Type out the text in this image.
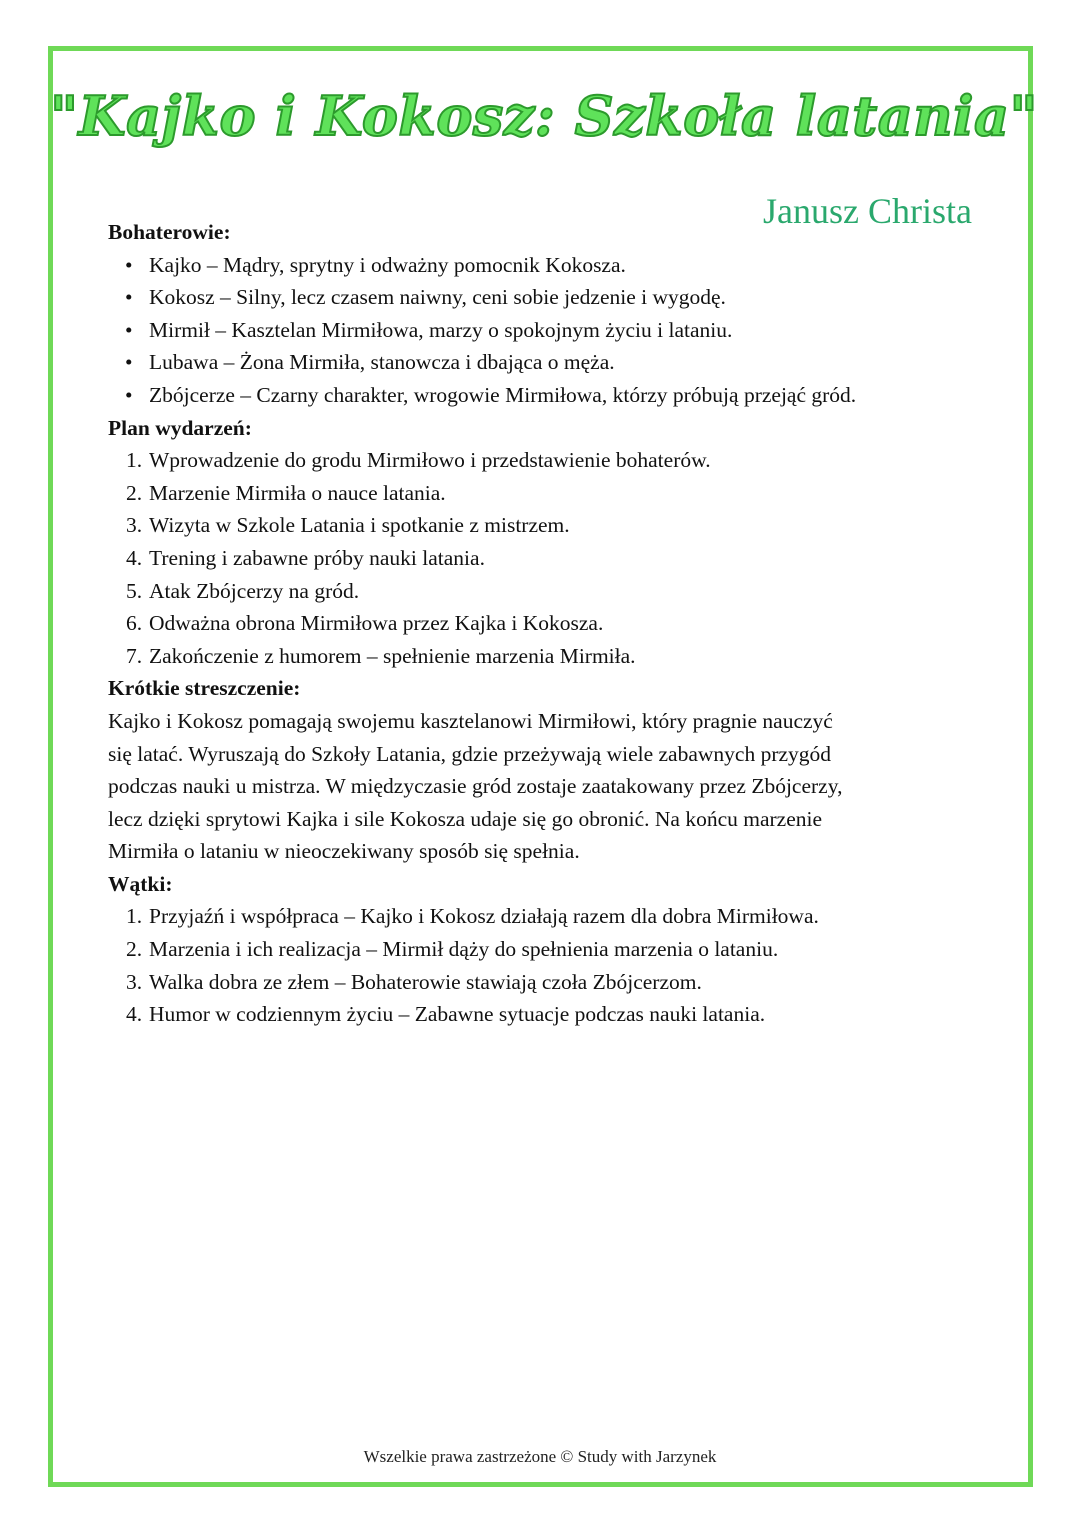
"Kajko i Kokosz: Szkoła latania"
Janusz Christa

Bohaterowie:

• Kajko – Mądry, sprytny i odważny pomocnik Kokosza.
• Kokosz – Silny, lecz czasem naiwny, ceni sobie jedzenie i wygodę.
• Mirmił – Kasztelan Mirmiłowa, marzy o spokojnym życiu i lataniu.
• Lubawa – Żona Mirmiła, stanowcza i dbająca o męża.
• Zbójcerze – Czarny charakter, wrogowie Mirmiłowa, którzy próbują przejąć gród.

Plan wydarzeń:

1. Wprowadzenie do grodu Mirmiłowo i przedstawienie bohaterów.
2. Marzenie Mirmiła o nauce latania.
3. Wizyta w Szkole Latania i spotkanie z mistrzem.
4. Trening i zabawne próby nauki latania.
5. Atak Zbójcerzy na gród.
6. Odważna obrona Mirmiłowa przez Kajka i Kokosza.
7. Zakończenie z humorem – spełnienie marzenia Mirmiła.

Krótkie streszczenie:

Kajko i Kokosz pomagają swojemu kasztelanowi Mirmiłowi, który pragnie nauczyć
się latać. Wyruszają do Szkoły Latania, gdzie przeżywają wiele zabawnych przygód
podczas nauki u mistrza. W międzyczasie gród zostaje zaatakowany przez Zbójcerzy,
lecz dzięki sprytowi Kajka i sile Kokosza udaje się go obronić. Na końcu marzenie
Mirmiła o lataniu w nieoczekiwany sposób się spełnia.

Wątki:

1. Przyjaźń i współpraca – Kajko i Kokosz działają razem dla dobra Mirmiłowa.
2. Marzenia i ich realizacja – Mirmił dąży do spełnienia marzenia o lataniu.
3. Walka dobra ze złem – Bohaterowie stawiają czoła Zbójcerzom.
4. Humor w codziennym życiu – Zabawne sytuacje podczas nauki latania.
Wszelkie prawa zastrzeżone © Study with Jarzynek
